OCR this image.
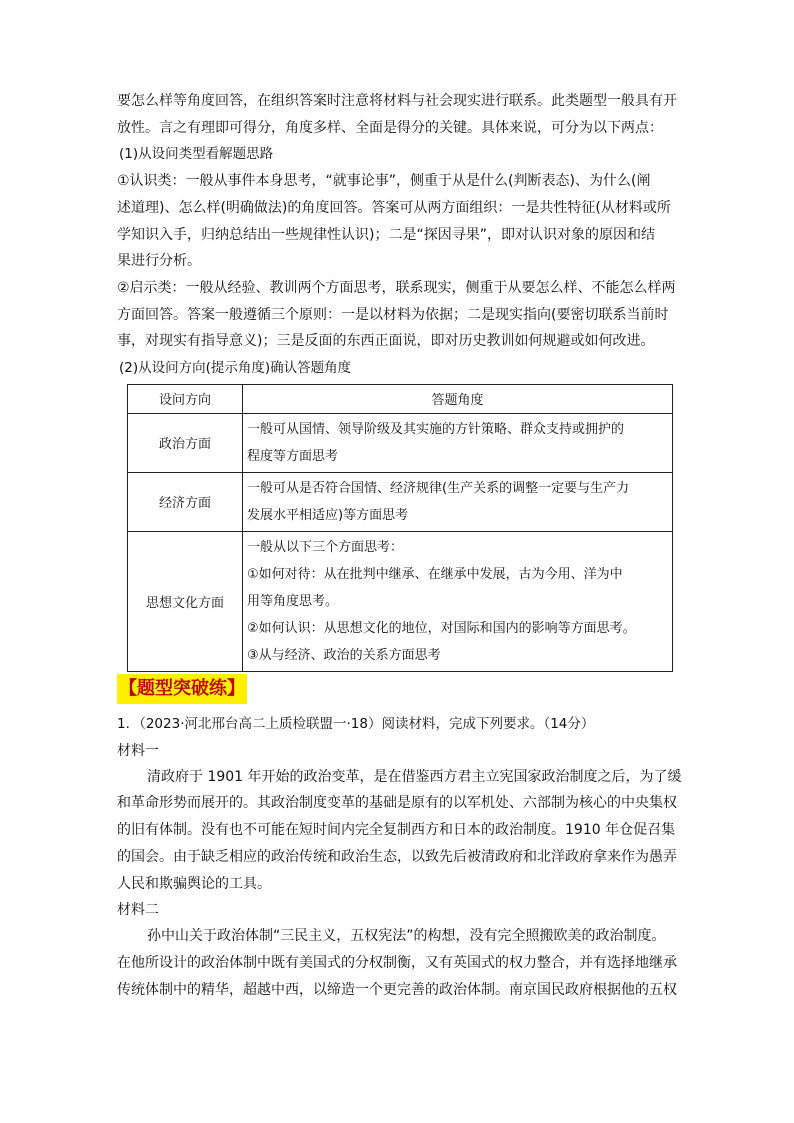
要怎么样等角度回答，在组织答案时注意将材料与社会现实进行联系。此类题型一般具有开
放性。言之有理即可得分，角度多样、全面是得分的关键。具体来说，可分为以下两点：
(1)从设问类型看解题思路
①认识类：一般从事件本身思考，“就事论事”，侧重于从是什么(判断表态)、为什么(阐
述道理)、怎么样(明确做法)的角度回答。答案可从两方面组织：一是共性特征(从材料或所
学知识入手，归纳总结出一些规律性认识)；二是“探因寻果”，即对认识对象的原因和结
果进行分析。
②启示类：一般从经验、教训两个方面思考，联系现实，侧重于从要怎么样、不能怎么样两
方面回答。答案一般遵循三个原则：一是以材料为依据；二是现实指向(要密切联系当前时
事，对现实有指导意义)；三是反面的东西正面说，即对历史教训如何规避或如何改进。
(2)从设问方向(提示角度)确认答题角度
设问方向	答题角度
政治方面	一般可从国情、领导阶级及其实施的方针策略、群众支持或拥护的
程度等方面思考

经济方面	一般可从是否符合国情、经济规律(生产关系的调整一定要与生产力
发展水平相适应)等方面思考

思想文化方面	一般从以下三个方面思考：
①如何对待：从在批判中继承、在继承中发展，古为今用、洋为中
用等角度思考。
②如何认识：从思想文化的地位，对国际和国内的影响等方面思考。
③从与经济、政治的关系方面思考
【题型突破练】
1．（2023·河北邢台高二上质检联盟一·18）阅读材料，完成下列要求。（14分）
材料一
清政府于 1901 年开始的政治变革，是在借鉴西方君主立宪国家政治制度之后，为了缓
和革命形势而展开的。其政治制度变革的基础是原有的以军机处、六部制为核心的中央集权
的旧有体制。没有也不可能在短时间内完全复制西方和日本的政治制度。1910 年仓促召集
的国会。由于缺乏相应的政治传统和政治生态，以致先后被清政府和北洋政府拿来作为愚弄
人民和欺骗舆论的工具。
材料二
孙中山关于政治体制“三民主义，五权宪法”的构想，没有完全照搬欧美的政治制度。
在他所设计的政治体制中既有美国式的分权制衡，又有英国式的权力整合，并有选择地继承
传统体制中的精华，超越中西，以缔造一个更完善的政治体制。南京国民政府根据他的五权
